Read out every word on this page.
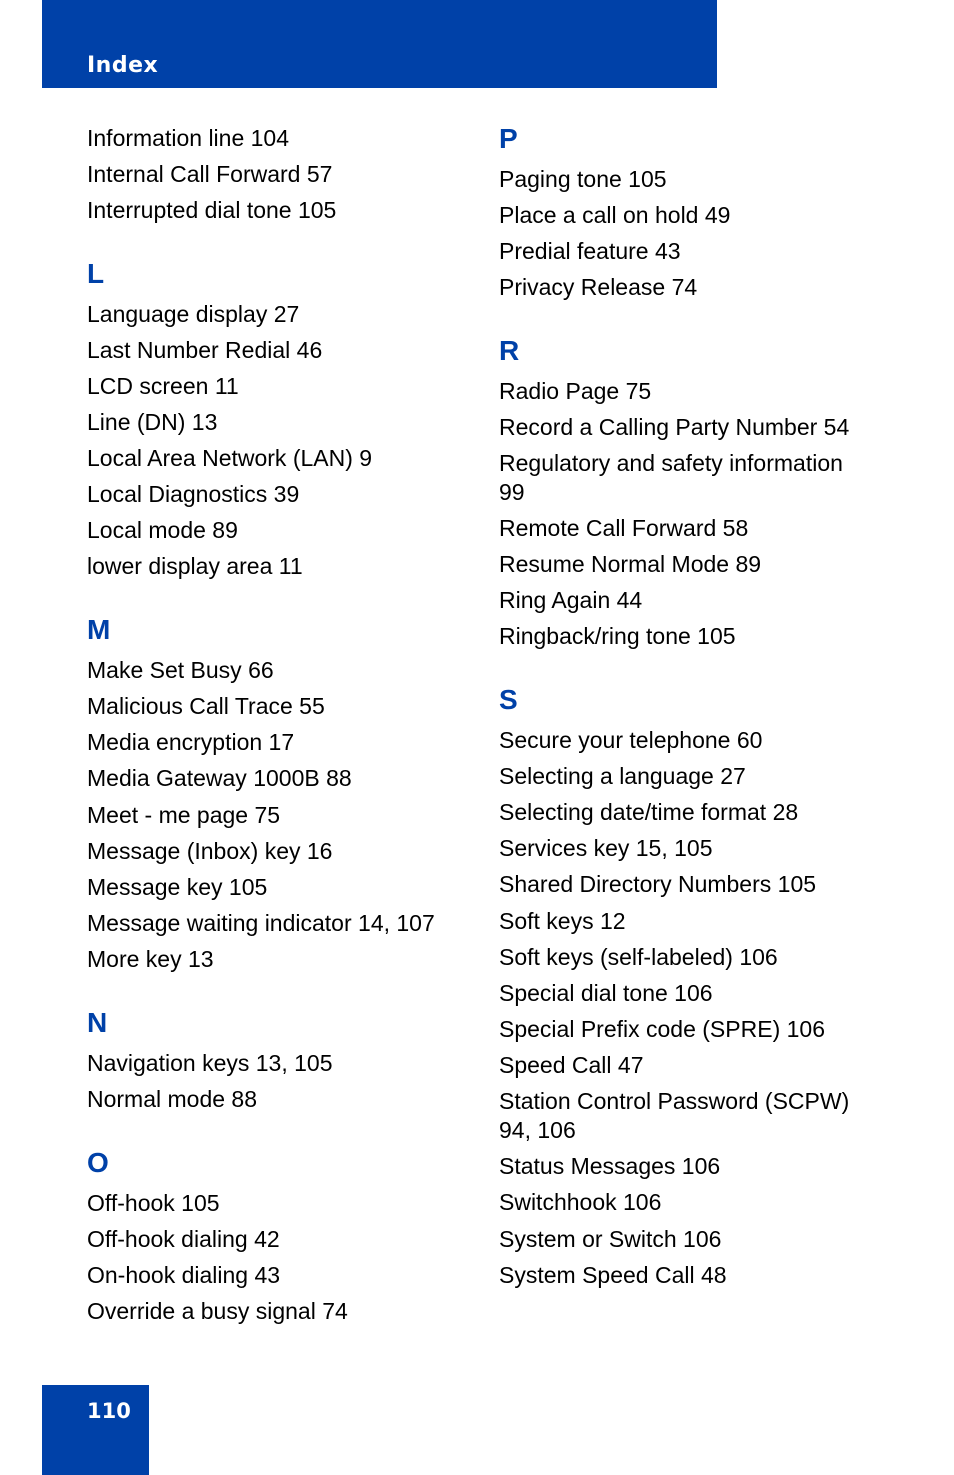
Index
Information line 104
Internal Call Forward 57
Interrupted dial tone 105
L
Language display 27
Last Number Redial 46
LCD screen 11
Line (DN) 13
Local Area Network (LAN) 9
Local Diagnostics 39
Local mode 89
lower display area 11
M
Make Set Busy 66
Malicious Call Trace 55
Media encryption 17
Media Gateway 1000B 88
Meet - me page 75
Message (Inbox) key 16
Message key 105
Message waiting indicator 14, 107
More key 13
N
Navigation keys 13, 105
Normal mode 88
O
Off-hook 105
Off-hook dialing 42
On-hook dialing 43
Override a busy signal 74
P
Paging tone 105
Place a call on hold 49
Predial feature 43
Privacy Release 74
R
Radio Page 75
Record a Calling Party Number 54
Regulatory and safety information
99
Remote Call Forward 58
Resume Normal Mode 89
Ring Again 44
Ringback/ring tone 105
S
Secure your telephone 60
Selecting a language 27
Selecting date/time format 28
Services key 15, 105
Shared Directory Numbers 105
Soft keys 12
Soft keys (self-labeled) 106
Special dial tone 106
Special Prefix code (SPRE) 106
Speed Call 47
Station Control Password (SCPW)
94, 106
Status Messages 106
Switchhook 106
System or Switch 106
System Speed Call 48
110
